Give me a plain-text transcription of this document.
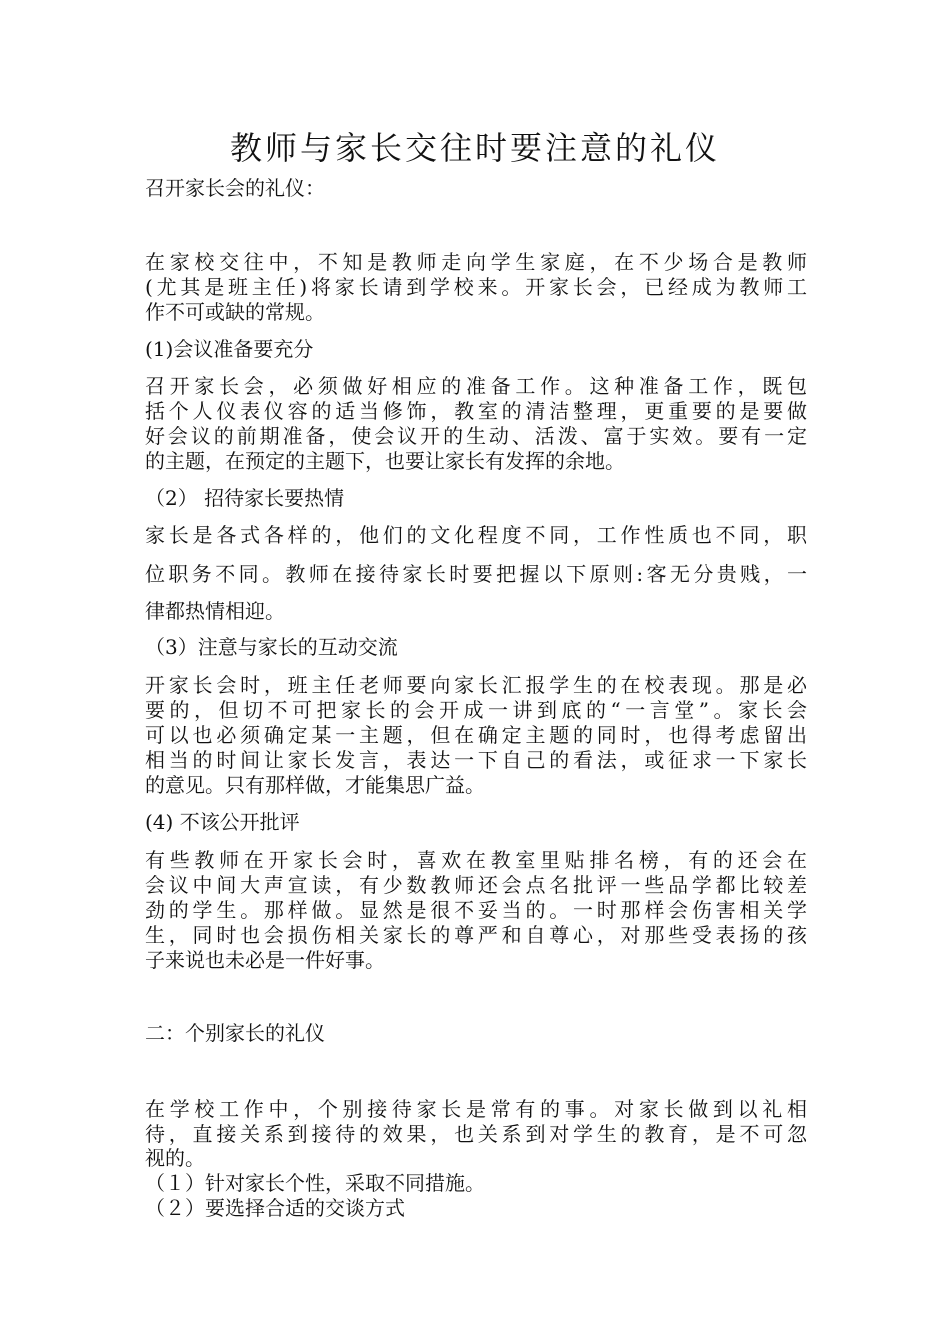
教师与家长交往时要注意的礼仪
召开家长会的礼仪：
在家校交往中，不知是教师走向学生家庭，在不少场合是教师
(尤其是班主任)将家长请到学校来。开家长会，已经成为教师工
作不可或缺的常规。
(1)会议准备要充分
召开家长会，必须做好相应的准备工作。这种准备工作，既包
括个人仪表仪容的适当修饰，教室的清洁整理，更重要的是要做
好会议的前期准备，使会议开的生动、活泼、富于实效。要有一定
的主题，在预定的主题下，也要让家长有发挥的余地。
（2） 招待家长要热情
家长是各式各样的，他们的文化程度不同，工作性质也不同，职
位职务不同。教师在接待家长时要把握以下原则:客无分贵贱，一
律都热情相迎。
（3）注意与家长的互动交流
开家长会时，班主任老师要向家长汇报学生的在校表现。那是必
要的，但切不可把家长的会开成一讲到底的“一言堂”。家长会
可以也必须确定某一主题，但在确定主题的同时，也得考虑留出
相当的时间让家长发言，表达一下自己的看法，或征求一下家长
的意见。只有那样做，才能集思广益。
(4) 不该公开批评
有些教师在开家长会时，喜欢在教室里贴排名榜，有的还会在
会议中间大声宣读，有少数教师还会点名批评一些品学都比较差
劲的学生。那样做。显然是很不妥当的。一时那样会伤害相关学
生，同时也会损伤相关家长的尊严和自尊心，对那些受表扬的孩
子来说也未必是一件好事。
二：个别家长的礼仪
在学校工作中，个别接待家长是常有的事。对家长做到以礼相
待，直接关系到接待的效果，也关系到对学生的教育，是不可忽
视的。
（１）针对家长个性，采取不同措施。
（２）要选择合适的交谈方式
